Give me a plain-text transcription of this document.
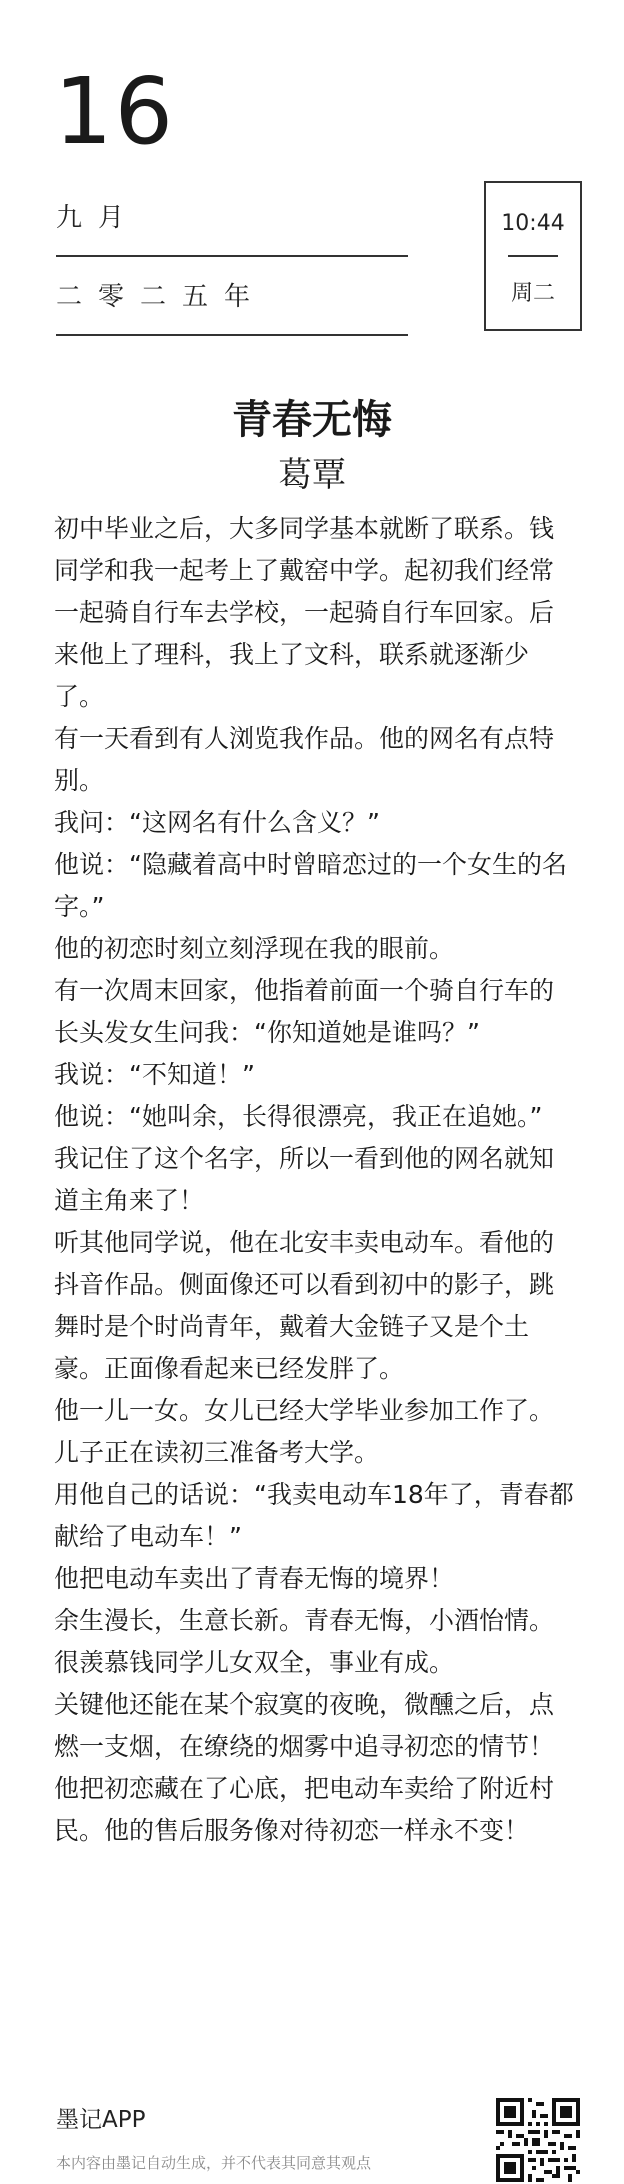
16
九月
二零二五年
10:44
周二
青春无悔
葛覃

初中毕业之后，大多同学基本就断了联系。钱同学和我一起考上了戴窑中学。起初我们经常一起骑自行车去学校，一起骑自行车回家。后来他上了理科，我上了文科，联系就逐渐少了。

有一天看到有人浏览我作品。他的网名有点特别。

我问：“这网名有什么含义？”

他说：“隐藏着高中时曾暗恋过的一个女生的名字。”

他的初恋时刻立刻浮现在我的眼前。

有一次周末回家，他指着前面一个骑自行车的长头发女生问我：“你知道她是谁吗？”

我说：“不知道！”

他说：“她叫余，长得很漂亮，我正在追她。”

我记住了这个名字，所以一看到他的网名就知道主角来了！

听其他同学说，他在北安丰卖电动车。看他的抖音作品。侧面像还可以看到初中的影子，跳舞时是个时尚青年，戴着大金链子又是个土豪。正面像看起来已经发胖了。

他一儿一女。女儿已经大学毕业参加工作了。儿子正在读初三准备考大学。

用他自己的话说：“我卖电动车18年了，青春都献给了电动车！”

他把电动车卖出了青春无悔的境界！

余生漫长，生意长新。青春无悔，小酒怡情。

很羡慕钱同学儿女双全，事业有成。

关键他还能在某个寂寞的夜晚，微醺之后，点燃一支烟，在缭绕的烟雾中追寻初恋的情节！

他把初恋藏在了心底，把电动车卖给了附近村民。他的售后服务像对待初恋一样永不变！

墨记APP
本内容由墨记自动生成，并不代表其同意其观点
